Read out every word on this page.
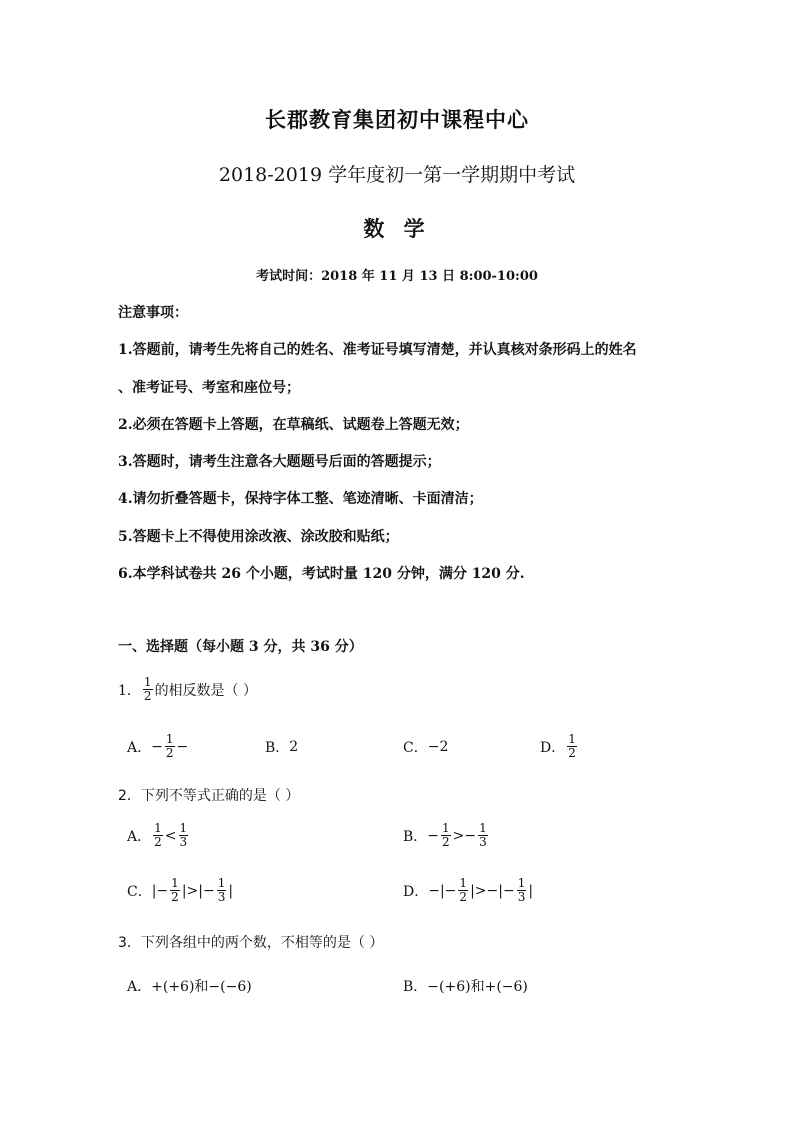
长郡教育集团初中课程中心
2018-2019 学年度初一第一学期期中考试
数 学
考试时间：2018 年 11 月 13 日 8:00-10:00
注意事项：
1.答题前，请考生先将自己的姓名、准考证号填写清楚，并认真核对条形码上的姓名
、准考证号、考室和座位号；
2.必须在答题卡上答题，在草稿纸、试题卷上答题无效；
3.答题时，请考生注意各大题题号后面的答题提示；
4.请勿折叠答题卡，保持字体工整、笔迹清晰、卡面清洁；
5.答题卡上不得使用涂改液、涂改胶和贴纸；
6.本学科试卷共 26 个小题，考试时量 120 分钟，满分 120 分.
一、选择题（每小题 3 分，共 36 分）
1． $\frac{1}{2}$ 的相反数是（ ）
A． − $\frac{1}{2}$ −	B． 2	C． −2	D． $\frac{1}{2}$
2．下列不等式正确的是（ ）
A． $\frac{1}{2} < \frac{1}{3}$	B． − $\frac{1}{2} >- \frac{1}{3}$
C． |− $\frac{1}{2}$ |>|− $\frac{1}{3}$ |	D． −|− $\frac{1}{2}$ |>−|− $\frac{1}{3}$ |
3．下列各组中的两个数，不相等的是（ ）
A． +(+6)和−(−6)	B． −(+6)和+(−6)
